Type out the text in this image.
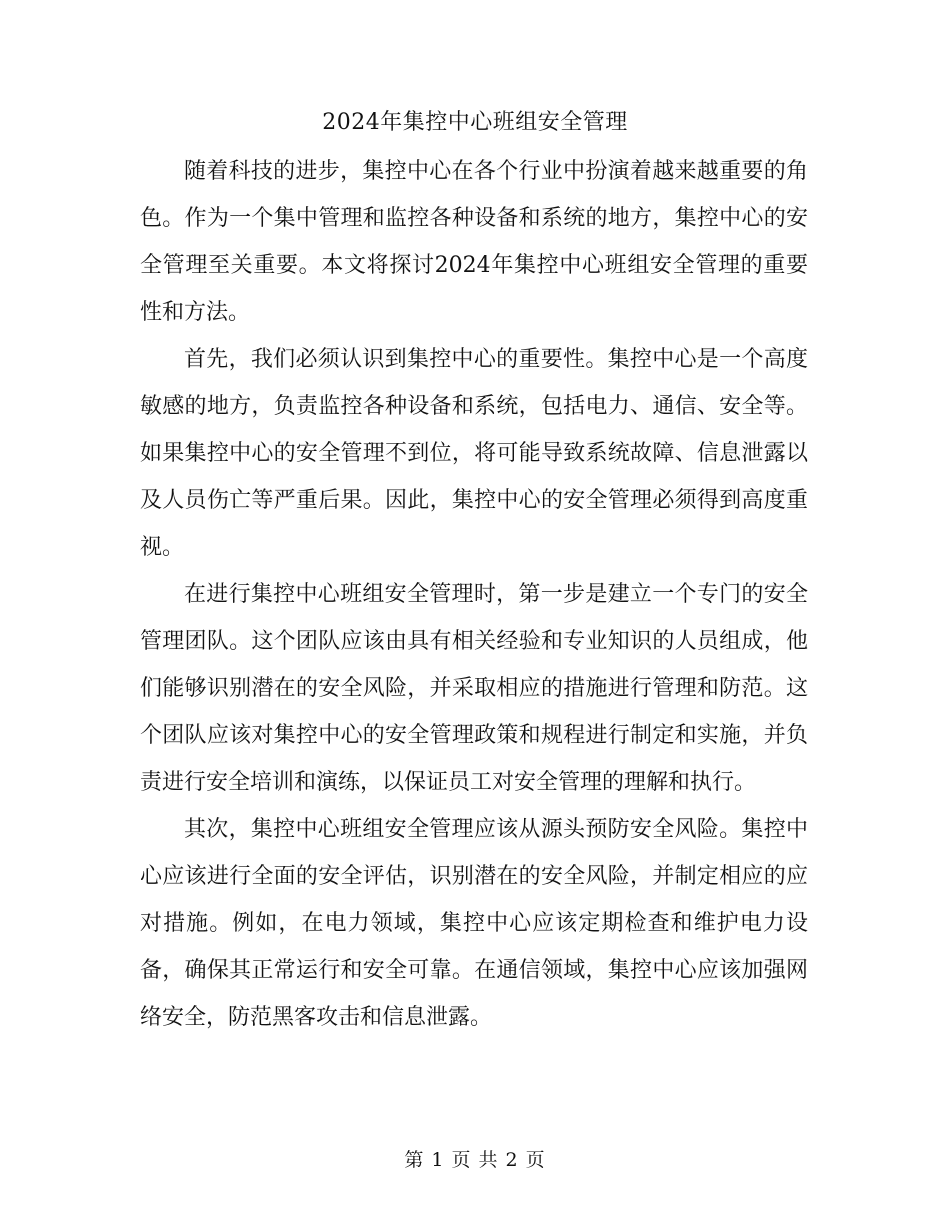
2024年集控中心班组安全管理

随着科技的进步，集控中心在各个行业中扮演着越来越重要的角色。作为一个集中管理和监控各种设备和系统的地方，集控中心的安全管理至关重要。本文将探讨2024年集控中心班组安全管理的重要性和方法。

首先，我们必须认识到集控中心的重要性。集控中心是一个高度敏感的地方，负责监控各种设备和系统，包括电力、通信、安全等。如果集控中心的安全管理不到位，将可能导致系统故障、信息泄露以及人员伤亡等严重后果。因此，集控中心的安全管理必须得到高度重视。

在进行集控中心班组安全管理时，第一步是建立一个专门的安全管理团队。这个团队应该由具有相关经验和专业知识的人员组成，他们能够识别潜在的安全风险，并采取相应的措施进行管理和防范。这个团队应该对集控中心的安全管理政策和规程进行制定和实施，并负责进行安全培训和演练，以保证员工对安全管理的理解和执行。

其次，集控中心班组安全管理应该从源头预防安全风险。集控中心应该进行全面的安全评估，识别潜在的安全风险，并制定相应的应对措施。例如，在电力领域，集控中心应该定期检查和维护电力设备，确保其正常运行和安全可靠。在通信领域，集控中心应该加强网络安全，防范黑客攻击和信息泄露。

第 1 页 共 2 页
